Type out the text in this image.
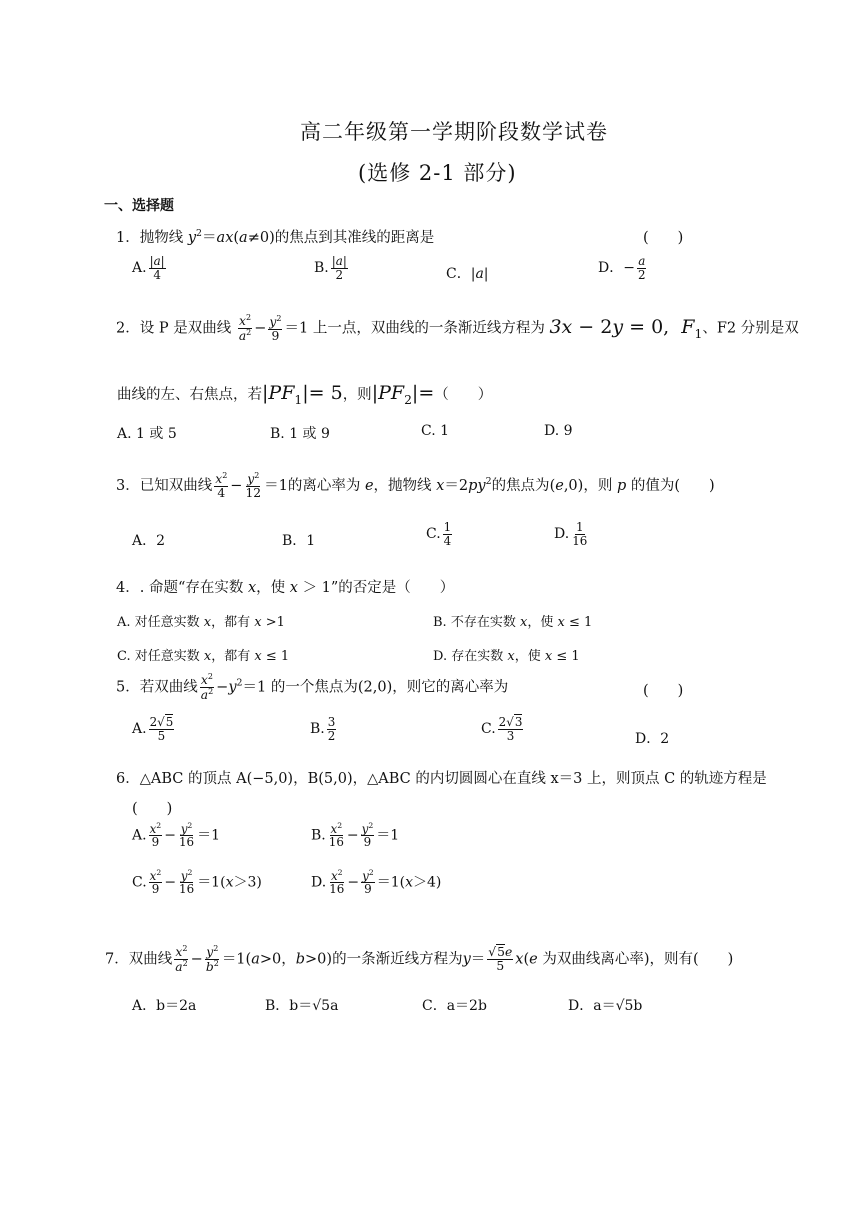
高二年级第一学期阶段数学试卷
(选修 2-1 部分)
一、选择题
1．抛物线 $y^2=ax(a\ne 0)$的焦点到其准线的距离是	(　　)
A. $\frac{|a|}{4}$	B. $\frac{|a|}{2}$	C．|a|	D．− $\frac{a}{2}$
2．设 P 是双曲线 $\frac{x^2}{a^2} - \frac{y^2}{9} =1$ 上一点，双曲线的一条渐近线方程为 3x − 2y = 0,  $F_1$、F2 分别是双
曲线的左、右焦点，若$|PF_1|= 5$，则$|PF_2|=$（　　）
A. 1 或 5	B. 1 或 9	C. 1	D. 9
3．已知双曲线 $\frac{x^2}{4} - \frac{y^2}{12} =1$的离心率为 e，抛物线 $x=2py^2$的焦点为(e,0)，则 p 的值为(　　)
A．2	B．1	C. $\frac{1}{4}$	D. $\frac{1}{16}$
4．. 命题“存在实数 x，使 x ＞ 1”的否定是（　　）
A. 对任意实数 x，都有 x >1	B. 不存在实数 x，使 x ≤ 1
C. 对任意实数 x，都有 x ≤ 1	D. 存在实数 x，使 x ≤ 1
5．若双曲线 $\frac{x^2}{a^2} -y^2=1$ 的一个焦点为(2,0)，则它的离心率为	(　　)
A. $\frac{2√5}{5}$	B. $\frac{3}{2}$	C. $\frac{2√3}{3}$	D．2
6．△ABC 的顶点 A(−5,0)，B(5,0)，△ABC 的内切圆圆心在直线 x＝3 上，则顶点 C 的轨迹方程是
(　　)
A. $\frac{x^2}{9} - \frac{y^2}{16} =1$	B. $\frac{x^2}{16} - \frac{y^2}{9} =1$
C. $\frac{x^2}{9} - \frac{y^2}{16} =1(x>3)$	D. $\frac{x^2}{16} - \frac{y^2}{9} =1(x>4)$
7．双曲线 $\frac{x^2}{a^2} - \frac{y^2}{b^2} =1(a>0$，b>0)的一条渐近线方程为$y= \frac{√5e}{5} x(e$ 为双曲线离心率)，则有(　　)
A．b＝2a	B．b＝√5a	C．a＝2b	D．a＝√5b
